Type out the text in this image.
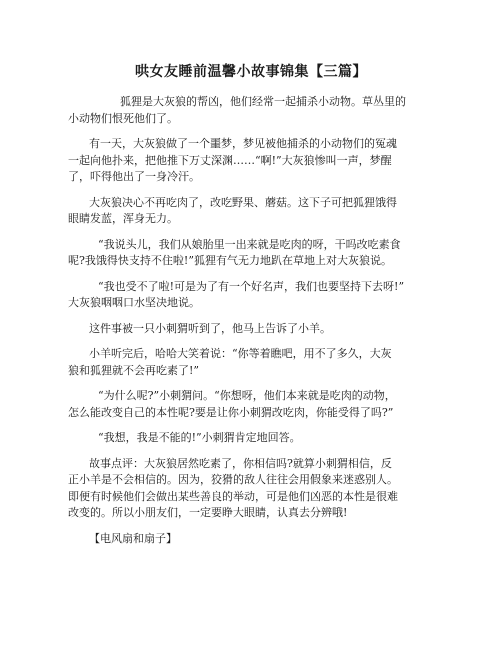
哄女友睡前温馨小故事锦集【三篇】
狐狸是大灰狼的帮凶，他们经常一起捕杀小动物。草丛里的
小动物们恨死他们了。
有一天，大灰狼做了一个噩梦，梦见被他捕杀的小动物们的冤魂
一起向他扑来，把他推下万丈深渊……“啊!”大灰狼惨叫一声，梦醒
了，吓得他出了一身冷汗。
大灰狼决心不再吃肉了，改吃野果、蘑菇。这下子可把狐狸饿得
眼睛发蓝，浑身无力。
“我说头儿，我们从娘胎里一出来就是吃肉的呀，干吗改吃素食
呢?我饿得快支持不住啦!”狐狸有气无力地趴在草地上对大灰狼说。
“我也受不了啦!可是为了有一个好名声，我们也要坚持下去呀!”
大灰狼咽咽口水坚决地说。
这件事被一只小刺猬听到了，他马上告诉了小羊。
小羊听完后，哈哈大笑着说：“你等着瞧吧，用不了多久，大灰
狼和狐狸就不会再吃素了!”
“为什么呢?”小刺猬问。“你想呀，他们本来就是吃肉的动物，
怎么能改变自己的本性呢?要是让你小刺猬改吃肉，你能受得了吗?”
“我想，我是不能的!”小刺猬肯定地回答。
故事点评：大灰狼居然吃素了，你相信吗?就算小刺猬相信，反
正小羊是不会相信的。因为，狡猾的敌人往往会用假象来迷惑别人。
即便有时候他们会做出某些善良的举动，可是他们凶恶的本性是很难
改变的。所以小朋友们，一定要睁大眼睛，认真去分辨哦!
【电风扇和扇子】
